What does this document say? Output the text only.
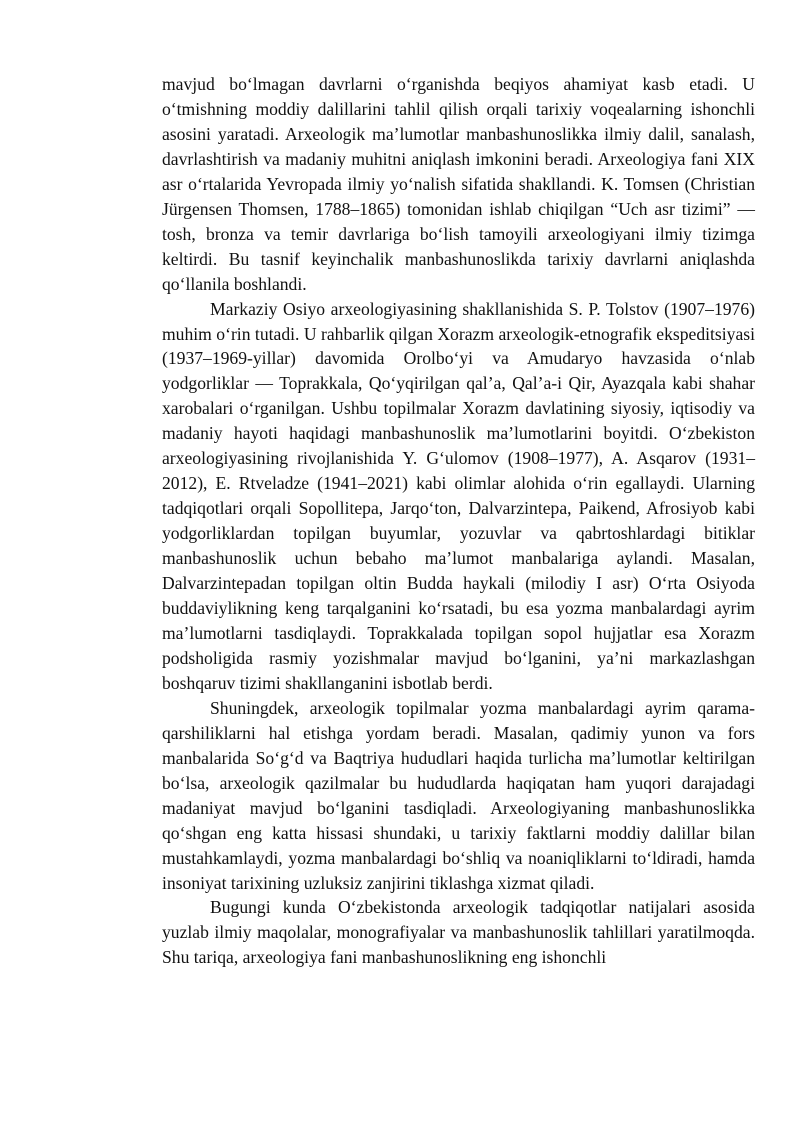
mavjud bo‘lmagan davrlarni o‘rganishda beqiyos ahamiyat kasb etadi. U o‘tmishning moddiy dalillarini tahlil qilish orqali tarixiy voqealarning ishonchli asosini yaratadi. Arxeologik ma’lumotlar manbashunoslikka ilmiy dalil, sanalash, davrlashtirish va madaniy muhitni aniqlash imkonini beradi. Arxeologiya fani XIX asr o‘rtalarida Yevropada ilmiy yo‘nalish sifatida shakllandi. K. Tomsen (Christian Jürgensen Thomsen, 1788–1865) tomonidan ishlab chiqilgan “Uch asr tizimi” — tosh, bronza va temir davrlariga bo‘lish tamoyili arxeologiyani ilmiy tizimga keltirdi. Bu tasnif keyinchalik manbashunoslikda tarixiy davrlarni aniqlashda qo‘llanila boshlandi.

Markaziy Osiyo arxeologiyasining shakllanishida S. P. Tolstov (1907–1976) muhim o‘rin tutadi. U rahbarlik qilgan Xorazm arxeologik-etnografik ekspeditsiyasi (1937–1969-yillar) davomida Orolbo‘yi va Amudaryo havzasida o‘nlab yodgorliklar — Toprakkala, Qo‘yqirilgan qal’a, Qal’a-i Qir, Ayazqala kabi shahar xarobalari o‘rganilgan. Ushbu topilmalar Xorazm davlatining siyosiy, iqtisodiy va madaniy hayoti haqidagi manbashunoslik ma’lumotlarini boyitdi. O‘zbekiston arxeologiyasining rivojlanishida Y. G‘ulomov (1908–1977), A. Asqarov (1931–2012), E. Rtveladze (1941–2021) kabi olimlar alohida o‘rin egallaydi. Ularning tadqiqotlari orqali Sopollitepa, Jarqo‘ton, Dalvarzintepa, Paikend, Afrosiyob kabi yodgorliklardan topilgan buyumlar, yozuvlar va qabrtoshlardagi bitiklar manbashunoslik uchun bebaho ma’lumot manbalariga aylandi. Masalan, Dalvarzintepadan topilgan oltin Budda haykali (milodiy I asr) O‘rta Osiyoda buddaviylikning keng tarqalganini ko‘rsatadi, bu esa yozma manbalardagi ayrim ma’lumotlarni tasdiqlaydi. Toprakkalada topilgan sopol hujjatlar esa Xorazm podsholigida rasmiy yozishmalar mavjud bo‘lganini, ya’ni markazlashgan boshqaruv tizimi shakllanganini isbotlab berdi.

Shuningdek, arxeologik topilmalar yozma manbalardagi ayrim qarama-qarshiliklarni hal etishga yordam beradi. Masalan, qadimiy yunon va fors manbalarida So‘g‘d va Baqtriya hududlari haqida turlicha ma’lumotlar keltirilgan bo‘lsa, arxeologik qazilmalar bu hududlarda haqiqatan ham yuqori darajadagi madaniyat mavjud bo‘lganini tasdiqladi. Arxeologiyaning manbashunoslikka qo‘shgan eng katta hissasi shundaki, u tarixiy faktlarni moddiy dalillar bilan mustahkamlaydi, yozma manbalardagi bo‘shliq va noaniqliklarni to‘ldiradi, hamda insoniyat tarixining uzluksiz zanjirini tiklashga xizmat qiladi.

Bugungi kunda O‘zbekistonda arxeologik tadqiqotlar natijalari asosida yuzlab ilmiy maqolalar, monografiyalar va manbashunoslik tahlillari yaratilmoqda. Shu tariqa, arxeologiya fani manbashunoslikning eng ishonchli
